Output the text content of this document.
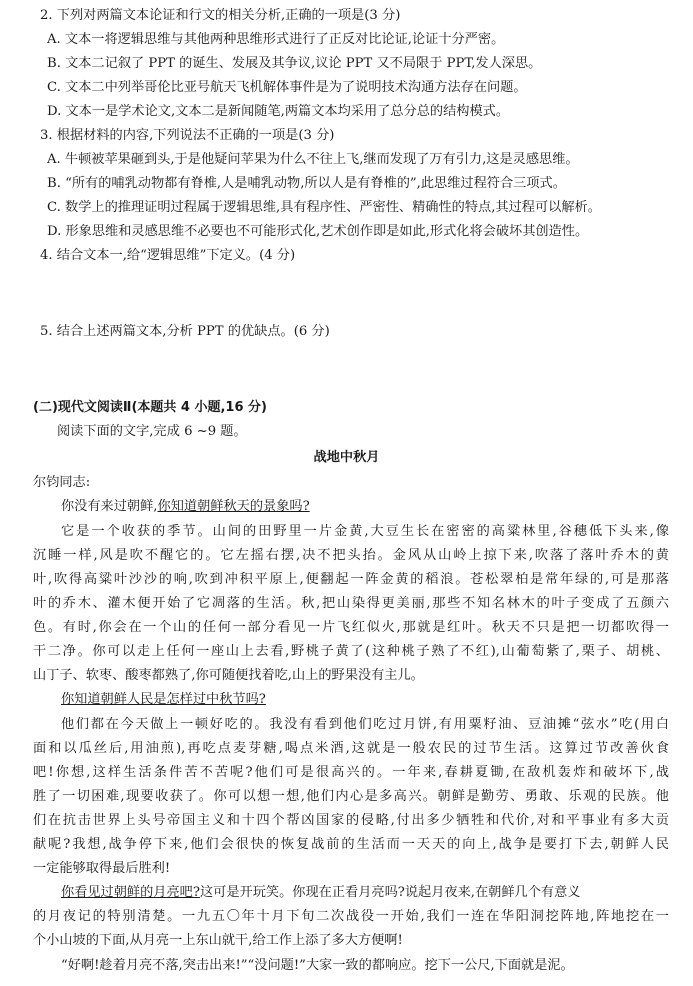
2. 下列对两篇文本论证和行文的相关分析,正确的一项是(3 分)
A. 文本一将逻辑思维与其他两种思维形式进行了正反对比论证,论证十分严密。
B. 文本二记叙了 PPT 的诞生、发展及其争议,议论 PPT 又不局限于 PPT,发人深思。
C. 文本二中列举哥伦比亚号航天飞机解体事件是为了说明技术沟通方法存在问题。
D. 文本一是学术论文,文本二是新闻随笔,两篇文本均采用了总分总的结构模式。
3. 根据材料的内容,下列说法不正确的一项是(3 分)
A. 牛顿被苹果砸到头,于是他疑问苹果为什么不往上飞,继而发现了万有引力,这是灵感思维。
B. “所有的哺乳动物都有脊椎,人是哺乳动物,所以人是有脊椎的”,此思维过程符合三项式。
C. 数学上的推理证明过程属于逻辑思维,具有程序性、严密性、精确性的特点,其过程可以解析。
D. 形象思维和灵感思维不必要也不可能形式化,艺术创作即是如此,形式化将会破坏其创造性。
4. 结合文本一,给“逻辑思维”下定义。(4 分)
5. 结合上述两篇文本,分析 PPT 的优缺点。(6 分)
(二)现代文阅读Ⅱ(本题共 4 小题,16 分)
阅读下面的文字,完成 6 ~9 题。
战地中秋月
尔钧同志:
你没有来过朝鲜,你知道朝鲜秋天的景象吗?
它是一个收获的季节。山间的田野里一片金黄,大豆生长在密密的高粱林里,谷穗低下头来,像
沉睡一样,风是吹不醒它的。它左摇右摆,决不把头抬。金风从山岭上掠下来,吹落了落叶乔木的黄
叶,吹得高粱叶沙沙的响,吹到冲积平原上,便翻起一阵金黄的稻浪。苍松翠柏是常年绿的,可是那落
叶的乔木、灌木便开始了它凋落的生活。秋,把山染得更美丽,那些不知名林木的叶子变成了五颜六
色。有时,你会在一个山的任何一部分看见一片飞红似火,那就是红叶。秋天不只是把一切都吹得一
干二净。你可以走上任何一座山上去看,野桃子黄了(这种桃子熟了不红),山葡萄紫了,栗子、胡桃、
山丁子、软枣、酸枣都熟了,你可随便找着吃,山上的野果没有主儿。
你知道朝鲜人民是怎样过中秋节吗?
他们都在今天做上一顿好吃的。我没有看到他们吃过月饼,有用粟籽油、豆油摊“弦水”吃(用白
面和以瓜丝后,用油煎),再吃点麦芽糖,喝点米酒,这就是一般农民的过节生活。这算过节改善伙食
吧!你想,这样生活条件苦不苦呢?他们可是很高兴的。一年来,春耕夏锄,在敌机轰炸和破坏下,战
胜了一切困难,现要收获了。你可以想一想,他们内心是多高兴。朝鲜是勤劳、勇敢、乐观的民族。他
们在抗击世界上头号帝国主义和十四个帮凶国家的侵略,付出多少牺牲和代价,对和平事业有多大贡
献呢?我想,战争停下来,他们会很快的恢复战前的生活而一天天的向上,战争是要打下去,朝鲜人民
一定能够取得最后胜利!
你看见过朝鲜的月亮吧?这可是开玩笑。你现在正看月亮吗?说起月夜来,在朝鲜几个有意义
的月夜记的特别清楚。一九五〇年十月下旬二次战役一开始,我们一连在华阳洞挖阵地,阵地挖在一
个小山坡的下面,从月亮一上东山就干,给工作上添了多大方便啊!
“好啊!趁着月亮不落,突击出来!”“没问题!”大家一致的都响应。挖下一公尺,下面就是泥。
